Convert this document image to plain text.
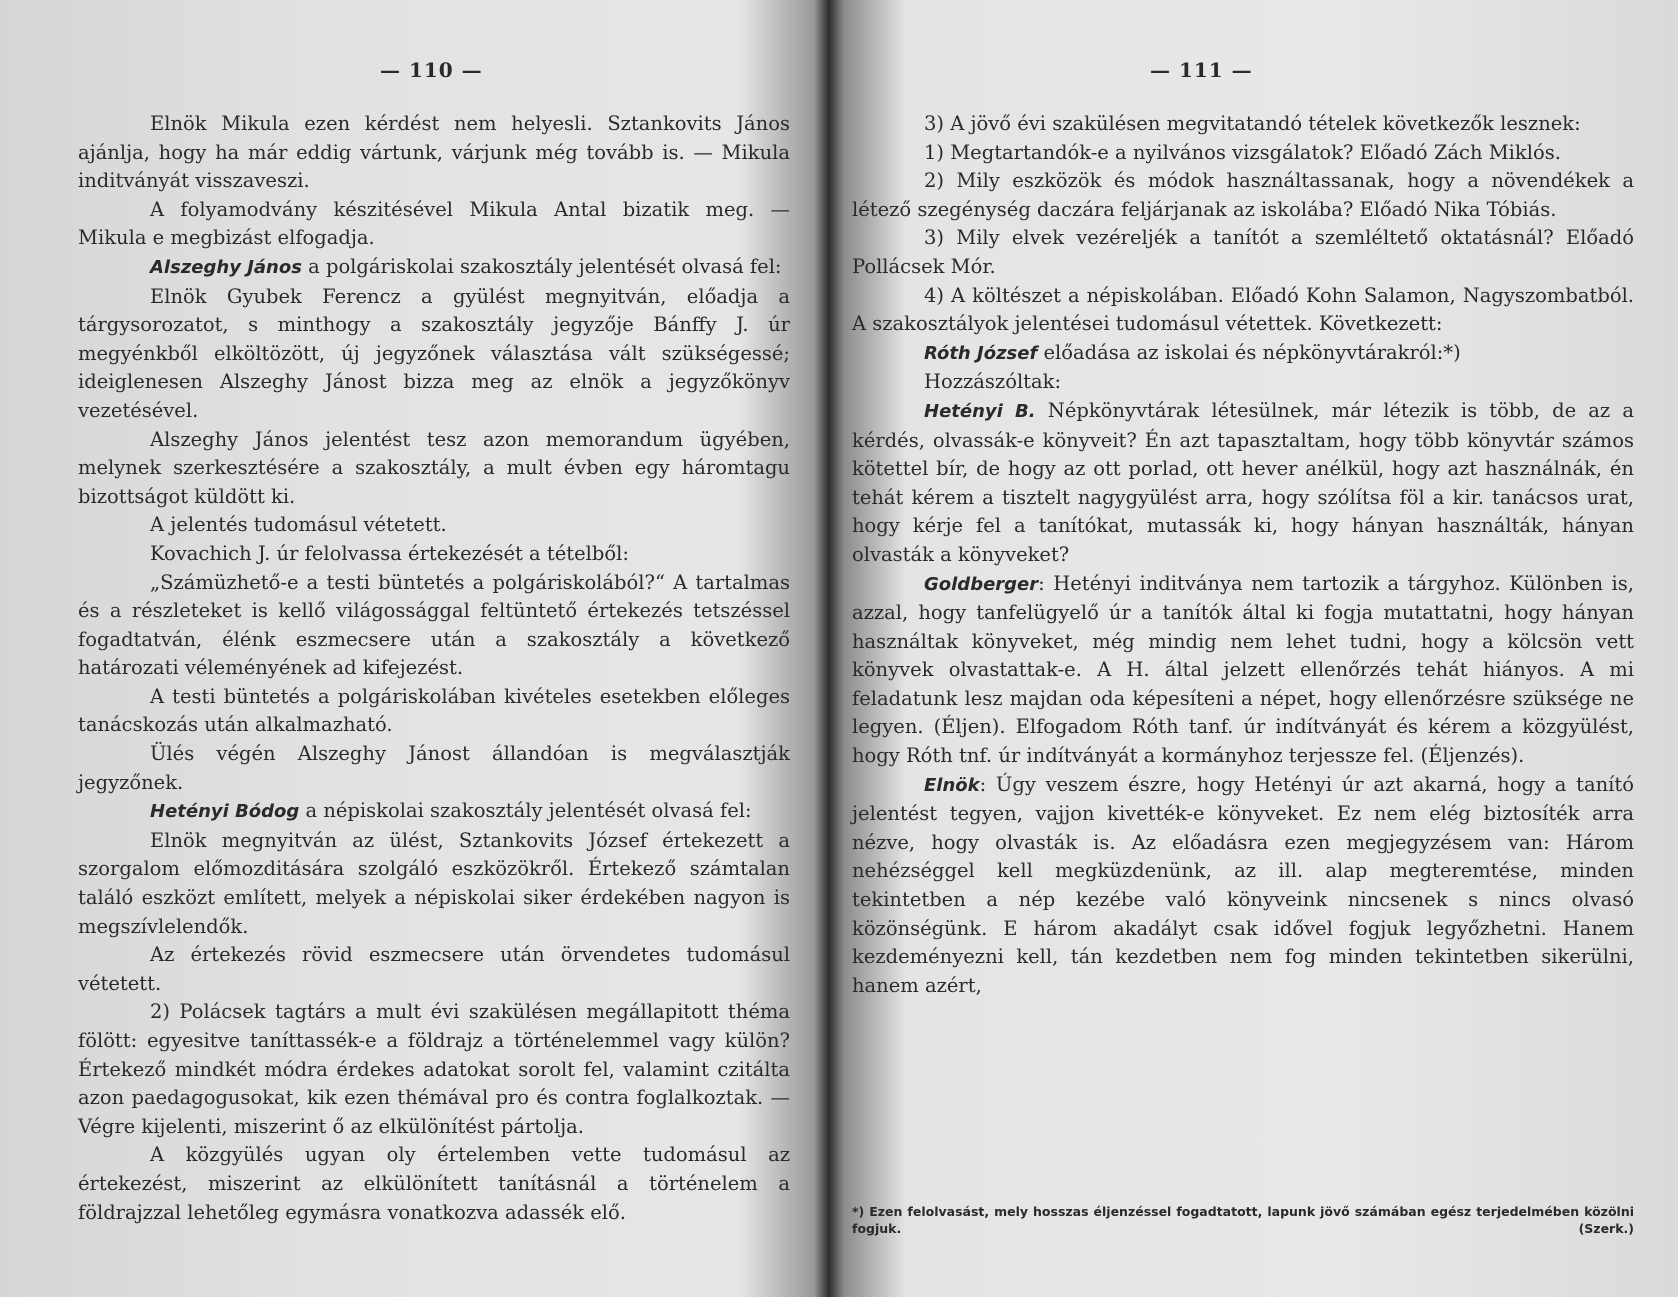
— 110 —

Elnök Mikula ezen kérdést nem helyesli. Sztankovits János ajánlja, hogy ha már eddig vártunk, várjunk még tovább is. — Mikula inditványát visszaveszi.

A folyamodvány készitésével Mikula Antal bizatik meg. — Mikula e megbizást elfogadja.

Alszeghy János a polgáriskolai szakosztály jelentését olvasá fel:

Elnök Gyubek Ferencz a gyülést megnyitván, előadja a tárgysorozatot, s minthogy a szakosztály jegyzője Bánffy J. úr megyénkből elköltözött, új jegyzőnek választása vált szükségessé; ideiglenesen Alszeghy Jánost bizza meg az elnök a jegyzőkönyv vezetésével.

Alszeghy János jelentést tesz azon memorandum ügyében, melynek szerkesztésére a szakosztály, a mult évben egy háromtagu bizottságot küldött ki.

A jelentés tudomásul vétetett.

Kovachich J. úr felolvassa értekezését a tételből:

„Számüzhető-e a testi büntetés a polgáriskolából?“ A tartalmas és a részleteket is kellő világossággal feltüntető értekezés tetszéssel fogadtatván, élénk eszmecsere után a szakosztály a következő határozati véleményének ad kifejezést.

A testi büntetés a polgáriskolában kivételes esetekben előleges tanácskozás után alkalmazható.

Ülés végén Alszeghy Jánost állandóan is megválasztják jegyzőnek.

Hetényi Bódog a népiskolai szakosztály jelentését olvasá fel:

Elnök megnyitván az ülést, Sztankovits József értekezett a szorgalom előmozditására szolgáló eszközökről. Értekező számtalan találó eszközt említett, melyek a népiskolai siker érdekében nagyon is megszívlelendők.

Az értekezés rövid eszmecsere után örvendetes tudomásul vétetett.

2) Polácsek tagtárs a mult évi szakülésen megállapitott théma fölött: egyesitve taníttassék-e a földrajz a történelemmel vagy külön? Értekező mindkét módra érdekes adatokat sorolt fel, valamint czitálta azon paedagogusokat, kik ezen thémával pro és contra foglalkoztak. — Végre kijelenti, miszerint ő az elkülönítést pártolja.

A közgyülés ugyan oly értelemben vette tudomásul az értekezést, miszerint az elkülönített tanításnál a történelem a földrajzzal lehetőleg egymásra vonatkozva adassék elő.

— 111 —

3) A jövő évi szakülésen megvitatandó tételek következők lesznek:

1) Megtartandók-e a nyilvános vizsgálatok? Előadó Zách Miklós.

2) Mily eszközök és módok használtassanak, hogy a növendékek a létező szegénység daczára feljárjanak az iskolába? Előadó Nika Tóbiás.

3) Mily elvek vezéreljék a tanítót a szemléltető oktatásnál? Előadó Pollácsek Mór.

4) A költészet a népiskolában. Előadó Kohn Salamon, Nagyszombatból. A szakosztályok jelentései tudomásul vétettek. Következett:

Róth József előadása az iskolai és népkönyvtárakról:*)

Hozzászóltak:

Hetényi B. Népkönyvtárak létesülnek, már létezik is több, de az a kérdés, olvassák-e könyveit? Én azt tapasztaltam, hogy több könyvtár számos kötettel bír, de hogy az ott porlad, ott hever anélkül, hogy azt használnák, én tehát kérem a tisztelt nagygyülést arra, hogy szólítsa föl a kir. tanácsos urat, hogy kérje fel a tanítókat, mutassák ki, hogy hányan használták, hányan olvasták a könyveket?

Goldberger: Hetényi inditványa nem tartozik a tárgyhoz. Különben is, azzal, hogy tanfelügyelő úr a tanítók által ki fogja mutattatni, hogy hányan használtak könyveket, még mindig nem lehet tudni, hogy a kölcsön vett könyvek olvastattak-e. A H. által jelzett ellenőrzés tehát hiányos. A mi feladatunk lesz majdan oda képesíteni a népet, hogy ellenőrzésre szüksége ne legyen. (Éljen). Elfogadom Róth tanf. úr indítványát és kérem a közgyülést, hogy Róth tnf. úr indítványát a kormányhoz terjessze fel. (Éljenzés).

Elnök: Úgy veszem észre, hogy Hetényi úr azt akarná, hogy a tanító jelentést tegyen, vajjon kivették-e könyveket. Ez nem elég biztosíték arra nézve, hogy olvasták is. Az előadásra ezen megjegyzésem van: Három nehézséggel kell megküzdenünk, az ill. alap megteremtése, minden tekintetben a nép kezébe való könyveink nincsenek s nincs olvasó közönségünk. E három akadályt csak idővel fogjuk legyőzhetni. Hanem kezdeményezni kell, tán kezdetben nem fog minden tekintetben sikerülni, hanem azért,

*) Ezen felolvasást, mely hosszas éljenzéssel fogadtatott, lapunk jövő számában egész terjedelmében közölni fogjuk.	(Szerk.)
